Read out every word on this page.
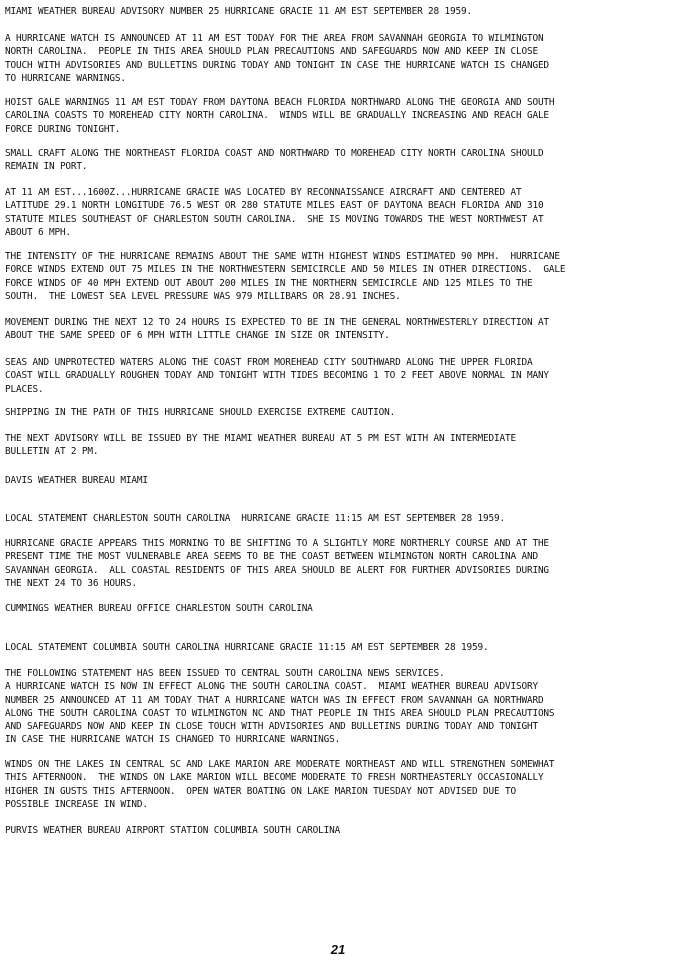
MIAMI WEATHER BUREAU ADVISORY NUMBER 25 HURRICANE GRACIE 11 AM EST SEPTEMBER 28 1959.
A HURRICANE WATCH IS ANNOUNCED AT 11 AM EST TODAY FOR THE AREA FROM SAVANNAH GEORGIA TO WILMINGTON
NORTH CAROLINA.  PEOPLE IN THIS AREA SHOULD PLAN PRECAUTIONS AND SAFEGUARDS NOW AND KEEP IN CLOSE
TOUCH WITH ADVISORIES AND BULLETINS DURING TODAY AND TONIGHT IN CASE THE HURRICANE WATCH IS CHANGED
TO HURRICANE WARNINGS.
HOIST GALE WARNINGS 11 AM EST TODAY FROM DAYTONA BEACH FLORIDA NORTHWARD ALONG THE GEORGIA AND SOUTH
CAROLINA COASTS TO MOREHEAD CITY NORTH CAROLINA.  WINDS WILL BE GRADUALLY INCREASING AND REACH GALE
FORCE DURING TONIGHT.
SMALL CRAFT ALONG THE NORTHEAST FLORIDA COAST AND NORTHWARD TO MOREHEAD CITY NORTH CAROLINA SHOULD
REMAIN IN PORT.
AT 11 AM EST...1600Z...HURRICANE GRACIE WAS LOCATED BY RECONNAISSANCE AIRCRAFT AND CENTERED AT
LATITUDE 29.1 NORTH LONGITUDE 76.5 WEST OR 280 STATUTE MILES EAST OF DAYTONA BEACH FLORIDA AND 310
STATUTE MILES SOUTHEAST OF CHARLESTON SOUTH CAROLINA.  SHE IS MOVING TOWARDS THE WEST NORTHWEST AT
ABOUT 6 MPH.
THE INTENSITY OF THE HURRICANE REMAINS ABOUT THE SAME WITH HIGHEST WINDS ESTIMATED 90 MPH.  HURRICANE
FORCE WINDS EXTEND OUT 75 MILES IN THE NORTHWESTERN SEMICIRCLE AND 50 MILES IN OTHER DIRECTIONS.  GALE
FORCE WINDS OF 40 MPH EXTEND OUT ABOUT 200 MILES IN THE NORTHERN SEMICIRCLE AND 125 MILES TO THE
SOUTH.  THE LOWEST SEA LEVEL PRESSURE WAS 979 MILLIBARS OR 28.91 INCHES.
MOVEMENT DURING THE NEXT 12 TO 24 HOURS IS EXPECTED TO BE IN THE GENERAL NORTHWESTERLY DIRECTION AT
ABOUT THE SAME SPEED OF 6 MPH WITH LITTLE CHANGE IN SIZE OR INTENSITY.
SEAS AND UNPROTECTED WATERS ALONG THE COAST FROM MOREHEAD CITY SOUTHWARD ALONG THE UPPER FLORIDA
COAST WILL GRADUALLY ROUGHEN TODAY AND TONIGHT WITH TIDES BECOMING 1 TO 2 FEET ABOVE NORMAL IN MANY
PLACES.
SHIPPING IN THE PATH OF THIS HURRICANE SHOULD EXERCISE EXTREME CAUTION.
THE NEXT ADVISORY WILL BE ISSUED BY THE MIAMI WEATHER BUREAU AT 5 PM EST WITH AN INTERMEDIATE
BULLETIN AT 2 PM.
DAVIS WEATHER BUREAU MIAMI
LOCAL STATEMENT CHARLESTON SOUTH CAROLINA  HURRICANE GRACIE 11:15 AM EST SEPTEMBER 28 1959.
HURRICANE GRACIE APPEARS THIS MORNING TO BE SHIFTING TO A SLIGHTLY MORE NORTHERLY COURSE AND AT THE
PRESENT TIME THE MOST VULNERABLE AREA SEEMS TO BE THE COAST BETWEEN WILMINGTON NORTH CAROLINA AND
SAVANNAH GEORGIA.  ALL COASTAL RESIDENTS OF THIS AREA SHOULD BE ALERT FOR FURTHER ADVISORIES DURING
THE NEXT 24 TO 36 HOURS.
CUMMINGS WEATHER BUREAU OFFICE CHARLESTON SOUTH CAROLINA
LOCAL STATEMENT COLUMBIA SOUTH CAROLINA HURRICANE GRACIE 11:15 AM EST SEPTEMBER 28 1959.
THE FOLLOWING STATEMENT HAS BEEN ISSUED TO CENTRAL SOUTH CAROLINA NEWS SERVICES.
A HURRICANE WATCH IS NOW IN EFFECT ALONG THE SOUTH CAROLINA COAST.  MIAMI WEATHER BUREAU ADVISORY
NUMBER 25 ANNOUNCED AT 11 AM TODAY THAT A HURRICANE WATCH WAS IN EFFECT FROM SAVANNAH GA NORTHWARD
ALONG THE SOUTH CAROLINA COAST TO WILMINGTON NC AND THAT PEOPLE IN THIS AREA SHOULD PLAN PRECAUTIONS
AND SAFEGUARDS NOW AND KEEP IN CLOSE TOUCH WITH ADVISORIES AND BULLETINS DURING TODAY AND TONIGHT
IN CASE THE HURRICANE WATCH IS CHANGED TO HURRICANE WARNINGS.
WINDS ON THE LAKES IN CENTRAL SC AND LAKE MARION ARE MODERATE NORTHEAST AND WILL STRENGTHEN SOMEWHAT
THIS AFTERNOON.  THE WINDS ON LAKE MARION WILL BECOME MODERATE TO FRESH NORTHEASTERLY OCCASIONALLY
HIGHER IN GUSTS THIS AFTERNOON.  OPEN WATER BOATING ON LAKE MARION TUESDAY NOT ADVISED DUE TO
POSSIBLE INCREASE IN WIND.
PURVIS WEATHER BUREAU AIRPORT STATION COLUMBIA SOUTH CAROLINA
21
